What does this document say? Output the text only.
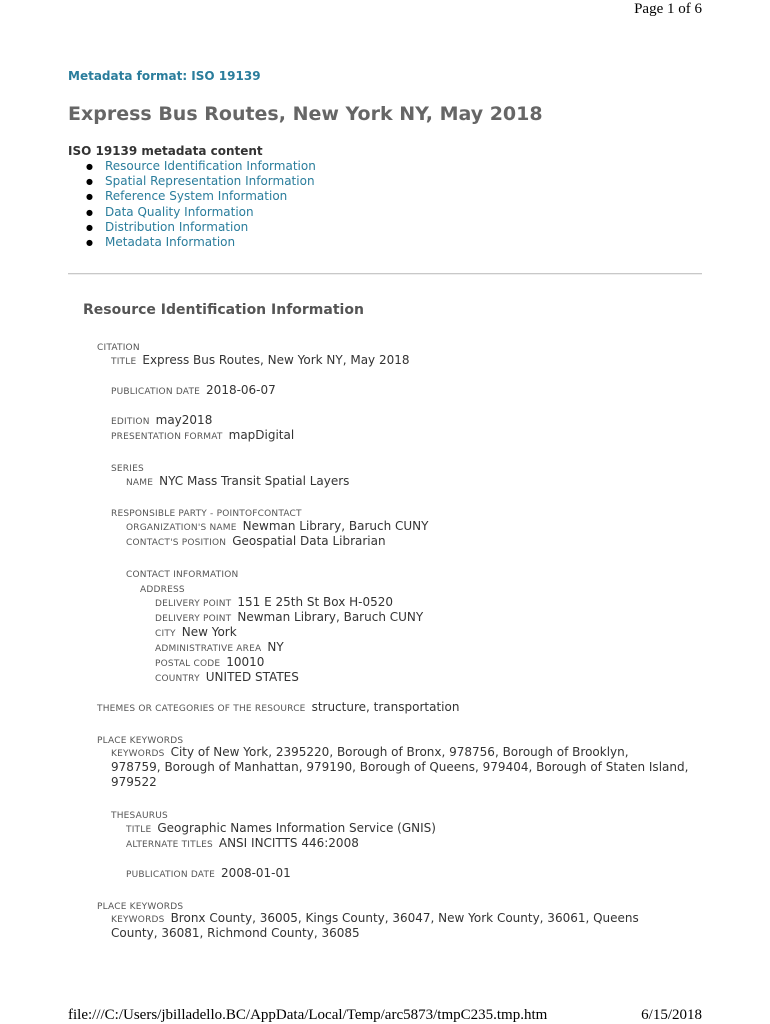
Page 1 of 6
Metadata format: ISO 19139
Express Bus Routes, New York NY, May 2018
ISO 19139 metadata content
● Resource Identification Information
● Spatial Representation Information
● Reference System Information
● Data Quality Information
● Distribution Information
● Metadata Information
Resource Identification Information
CITATION
TITLE Express Bus Routes, New York NY, May 2018
PUBLICATION DATE 2018-06-07
EDITION may2018
PRESENTATION FORMAT mapDigital
SERIES
NAME NYC Mass Transit Spatial Layers
RESPONSIBLE PARTY - POINTOFCONTACT
ORGANIZATION'S NAME Newman Library, Baruch CUNY
CONTACT'S POSITION Geospatial Data Librarian
CONTACT INFORMATION
ADDRESS
DELIVERY POINT 151 E 25th St Box H-0520
DELIVERY POINT Newman Library, Baruch CUNY
CITY New York
ADMINISTRATIVE AREA NY
POSTAL CODE 10010
COUNTRY UNITED STATES
THEMES OR CATEGORIES OF THE RESOURCE structure, transportation
PLACE KEYWORDS
KEYWORDS City of New York, 2395220, Borough of Bronx, 978756, Borough of Brooklyn,
978759, Borough of Manhattan, 979190, Borough of Queens, 979404, Borough of Staten Island, 979522
THESAURUS
TITLE Geographic Names Information Service (GNIS)
ALTERNATE TITLES ANSI INCITTS 446:2008
PUBLICATION DATE 2008-01-01
PLACE KEYWORDS
KEYWORDS Bronx County, 36005, Kings County, 36047, New York County, 36061, Queens
County, 36081, Richmond County, 36085
file:///C:/Users/jbilladello.BC/AppData/Local/Temp/arc5873/tmpC235.tmp.htm	6/15/2018
